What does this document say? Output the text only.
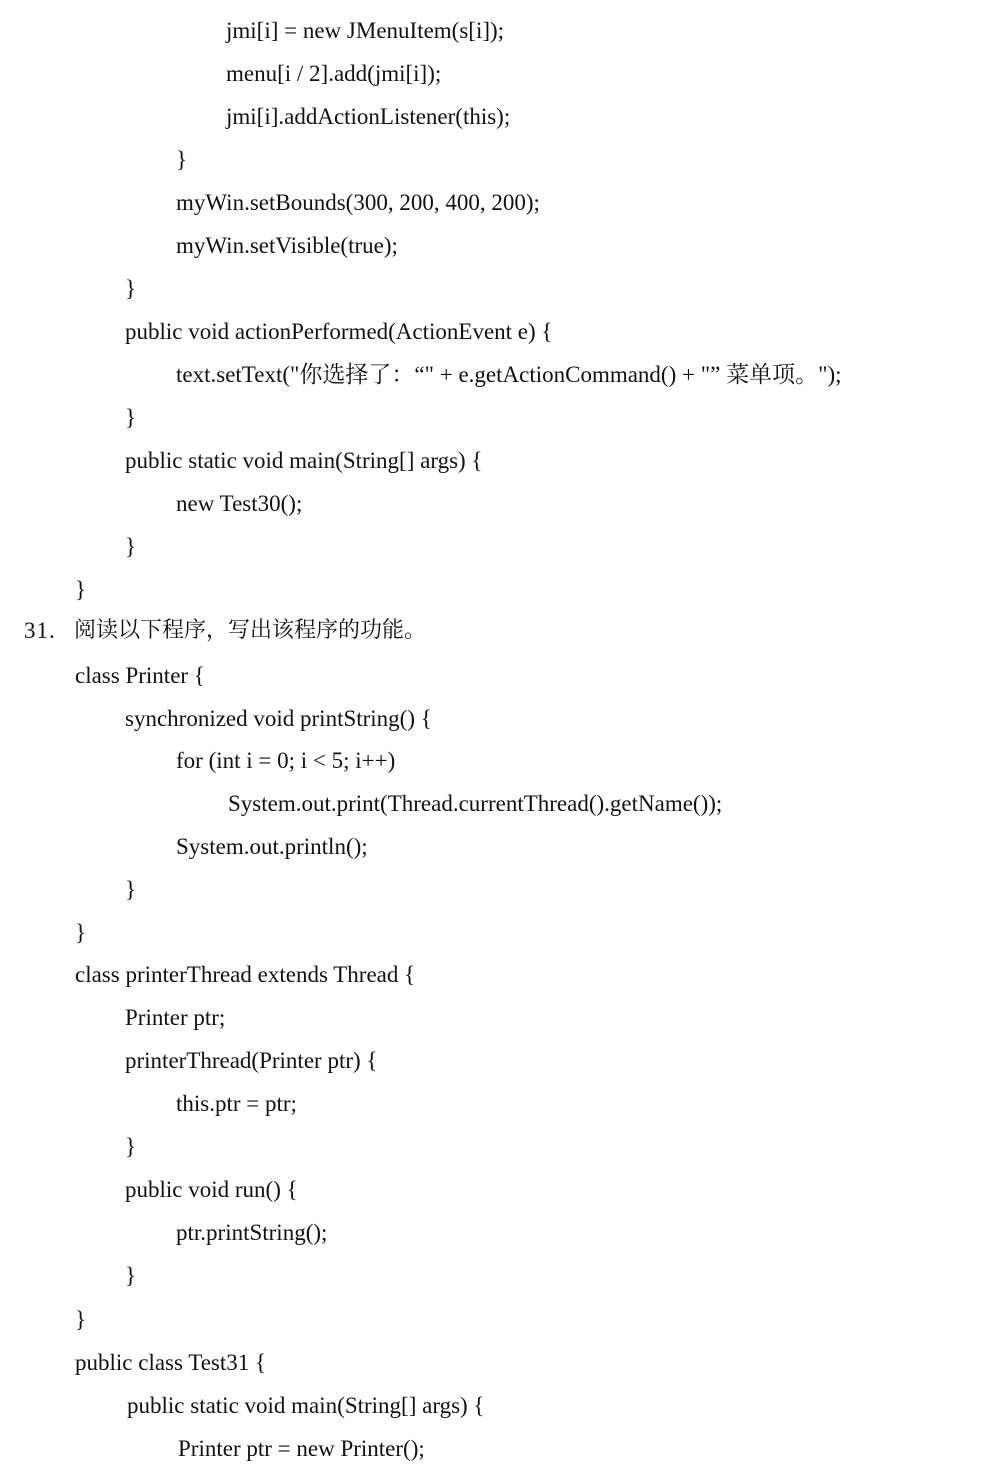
jmi[i] = new JMenuItem(s[i]);
menu[i / 2].add(jmi[i]);
jmi[i].addActionListener(this);
}
myWin.setBounds(300, 200, 400, 200);
myWin.setVisible(true);
}
public void actionPerformed(ActionEvent e) {
text.setText("你选择了：“" + e.getActionCommand() + "” 菜单项。");
}
public static void main(String[] args) {
new Test30();
}
}
31. 阅读以下程序，写出该程序的功能。
class Printer {
synchronized void printString() {
for (int i = 0; i < 5; i++)
System.out.print(Thread.currentThread().getName());
System.out.println();
}
}
class printerThread extends Thread {
Printer ptr;
printerThread(Printer ptr) {
this.ptr = ptr;
}
public void run() {
ptr.printString();
}
}
public class Test31 {
public static void main(String[] args) {
Printer ptr = new Printer();
